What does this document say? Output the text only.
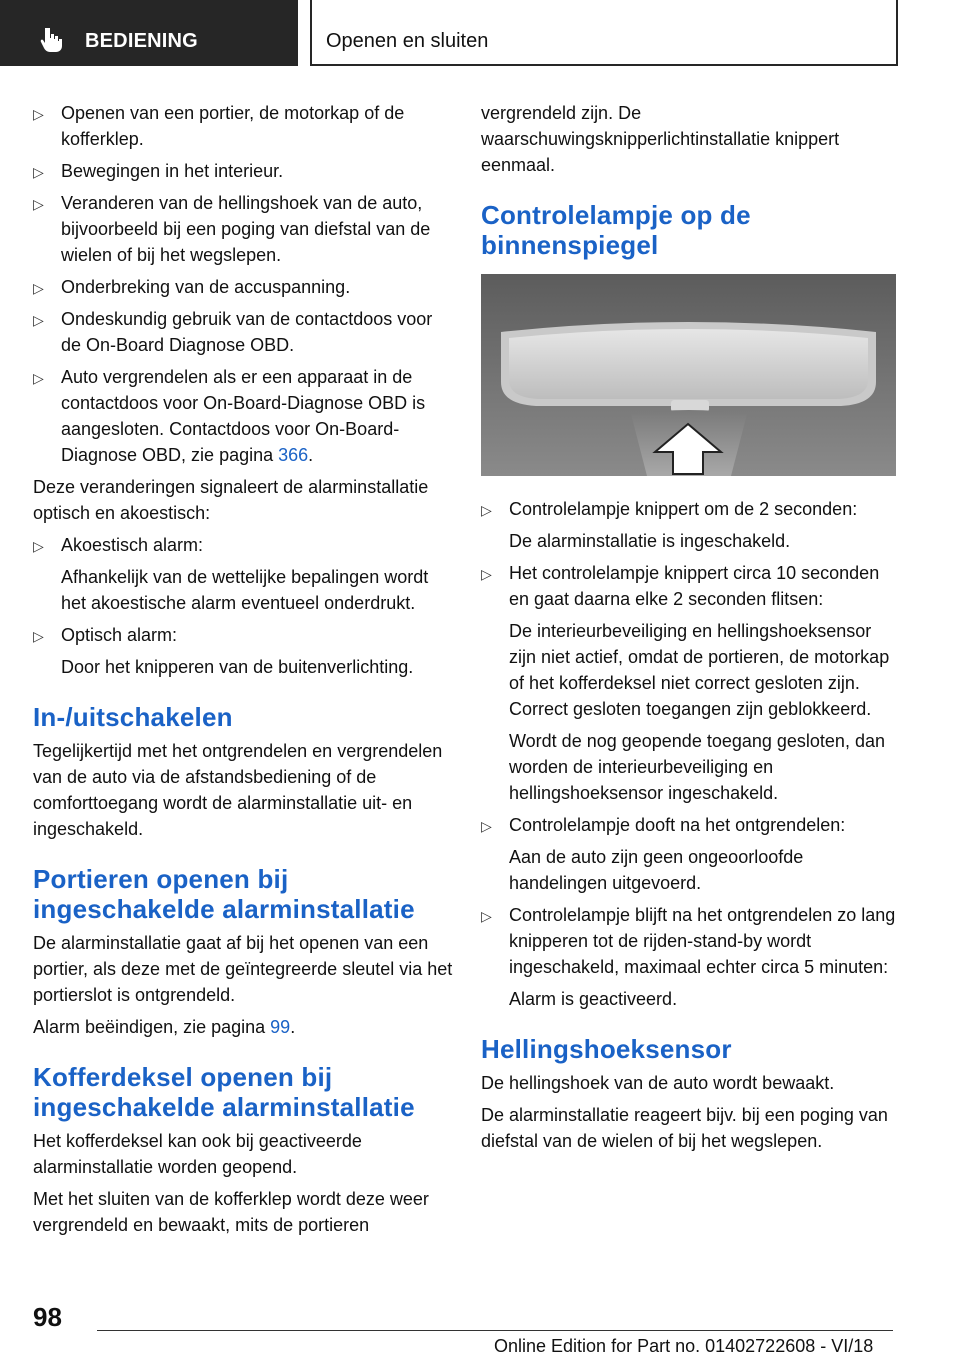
BEDIENING	Openen en sluiten
▷ Openen van een portier, de motorkap of de kofferklep.
▷ Bewegingen in het interieur.
▷ Veranderen van de hellingshoek van de auto, bijvoorbeeld bij een poging van diefstal van de wielen of bij het wegslepen.
▷ Onderbreking van de accuspanning.
▷ Ondeskundig gebruik van de contactdoos voor de On-Board Diagnose OBD.
▷ Auto vergrendelen als er een apparaat in de contactdoos voor On-Board-Diagnose OBD is aangesloten. Contactdoos voor On-Board-Diagnose OBD, zie pagina 366.

Deze veranderingen signaleert de alarminstallatie optisch en akoestisch:

▷ Akoestisch alarm:
Afhankelijk van de wettelijke bepalingen wordt het akoestische alarm eventueel onderdrukt.
▷ Optisch alarm:
Door het knipperen van de buitenverlichting.
In-/uitschakelen

Tegelijkertijd met het ontgrendelen en vergrendelen van de auto via de afstandsbediening of de comforttoegang wordt de alarminstallatie uit- en ingeschakeld.

Portieren openen bij ingeschakelde alarminstallatie

De alarminstallatie gaat af bij het openen van een portier, als deze met de geïntegreerde sleutel via het portierslot is ontgrendeld.

Alarm beëindigen, zie pagina 99.

Kofferdeksel openen bij ingeschakelde alarminstallatie

Het kofferdeksel kan ook bij geactiveerde alarminstallatie worden geopend.

Met het sluiten van de kofferklep wordt deze weer vergrendeld en bewaakt, mits de portieren

vergrendeld zijn. De waarschuwingsknipperlichtinstallatie knippert eenmaal.

Controlelampje op de binnenspiegel
▷ Controlelampje knippert om de 2 seconden:
De alarminstallatie is ingeschakeld.
▷ Het controlelampje knippert circa 10 seconden en gaat daarna elke 2 seconden flitsen:
De interieurbeveiliging en hellingshoeksensor zijn niet actief, omdat de portieren, de motorkap of het kofferdeksel niet correct gesloten zijn. Correct gesloten toegangen zijn geblokkeerd.
Wordt de nog geopende toegang gesloten, dan worden de interieurbeveiliging en hellingshoeksensor ingeschakeld.
▷ Controlelampje dooft na het ontgrendelen:
Aan de auto zijn geen ongeoorloofde handelingen uitgevoerd.
▷ Controlelampje blijft na het ontgrendelen zo lang knipperen tot de rijden-stand-by wordt ingeschakeld, maximaal echter circa 5 minuten:
Alarm is geactiveerd.
Hellingshoeksensor

De hellingshoek van de auto wordt bewaakt.

De alarminstallatie reageert bijv. bij een poging van diefstal van de wielen of bij het wegslepen.

98
Online Edition for Part no. 01402722608 - VI/18
